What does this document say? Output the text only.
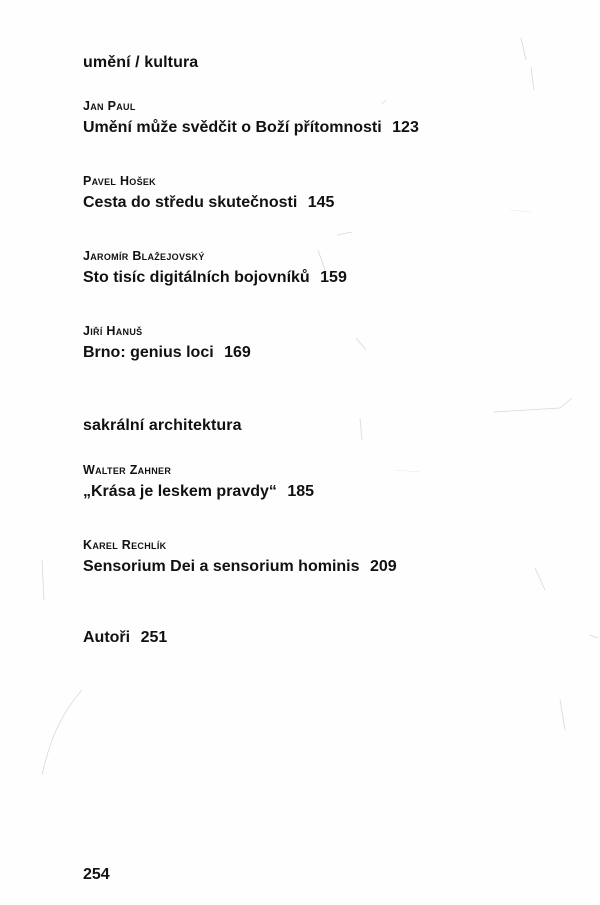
umění / kultura
Jan Paul
Umění může svědčit o Boží přítomnosti 123
Pavel Hošek
Cesta do středu skutečnosti 145
Jaromír Blažejovský
Sto tisíc digitálních bojovníků 159
Jiří Hanuš
Brno: genius loci 169
sakrální architektura
Walter Zahner
„Krása je leskem pravdy“ 185
Karel Rechlík
Sensorium Dei a sensorium hominis 209
Autoři 251
254
